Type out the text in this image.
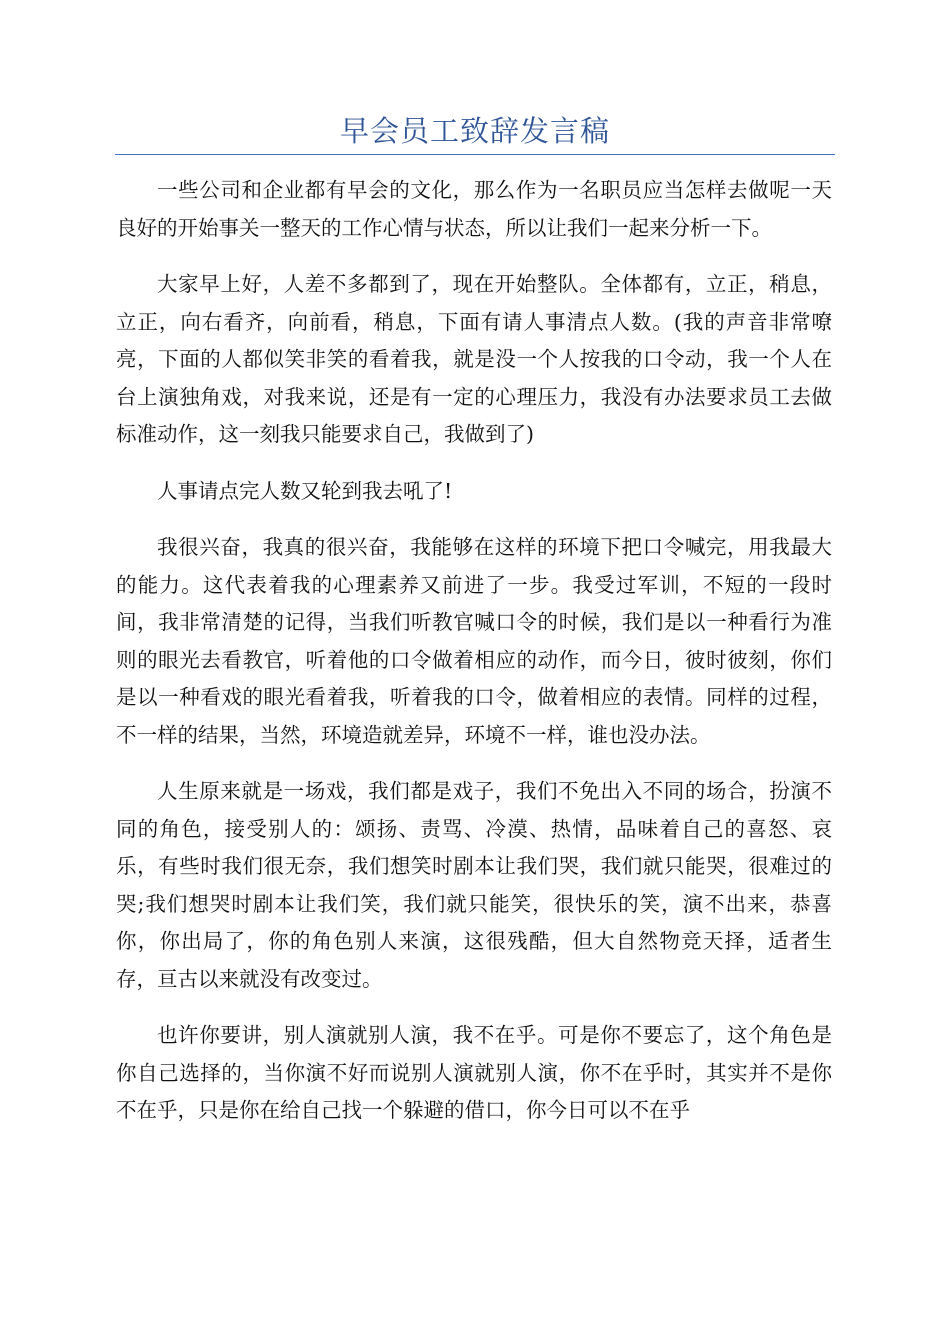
早会员工致辞发言稿

一些公司和企业都有早会的文化，那么作为一名职员应当怎样去做呢一天良好的开始事关一整天的工作心情与状态，所以让我们一起来分析一下。

大家早上好，人差不多都到了，现在开始整队。全体都有，立正，稍息，立正，向右看齐，向前看，稍息，下面有请人事清点人数。(我的声音非常嘹亮，下面的人都似笑非笑的看着我，就是没一个人按我的口令动，我一个人在台上演独角戏，对我来说，还是有一定的心理压力，我没有办法要求员工去做标准动作，这一刻我只能要求自己，我做到了)

人事请点完人数又轮到我去吼了!

我很兴奋，我真的很兴奋，我能够在这样的环境下把口令喊完，用我最大的能力。这代表着我的心理素养又前进了一步。我受过军训，不短的一段时间，我非常清楚的记得，当我们听教官喊口令的时候，我们是以一种看行为准则的眼光去看教官，听着他的口令做着相应的动作，而今日，彼时彼刻，你们是以一种看戏的眼光看着我，听着我的口令，做着相应的表情。同样的过程，不一样的结果，当然，环境造就差异，环境不一样，谁也没办法。

人生原来就是一场戏，我们都是戏子，我们不免出入不同的场合，扮演不同的角色，接受别人的：颂扬、责骂、冷漠、热情，品味着自己的喜怒、哀乐，有些时我们很无奈，我们想笑时剧本让我们哭，我们就只能哭，很难过的哭;我们想哭时剧本让我们笑，我们就只能笑，很快乐的笑，演不出来，恭喜你，你出局了，你的角色别人来演，这很残酷，但大自然物竞天择，适者生存，亘古以来就没有改变过。

也许你要讲，别人演就别人演，我不在乎。可是你不要忘了，这个角色是你自己选择的，当你演不好而说别人演就别人演，你不在乎时，其实并不是你不在乎，只是你在给自己找一个躲避的借口，你今日可以不在乎
